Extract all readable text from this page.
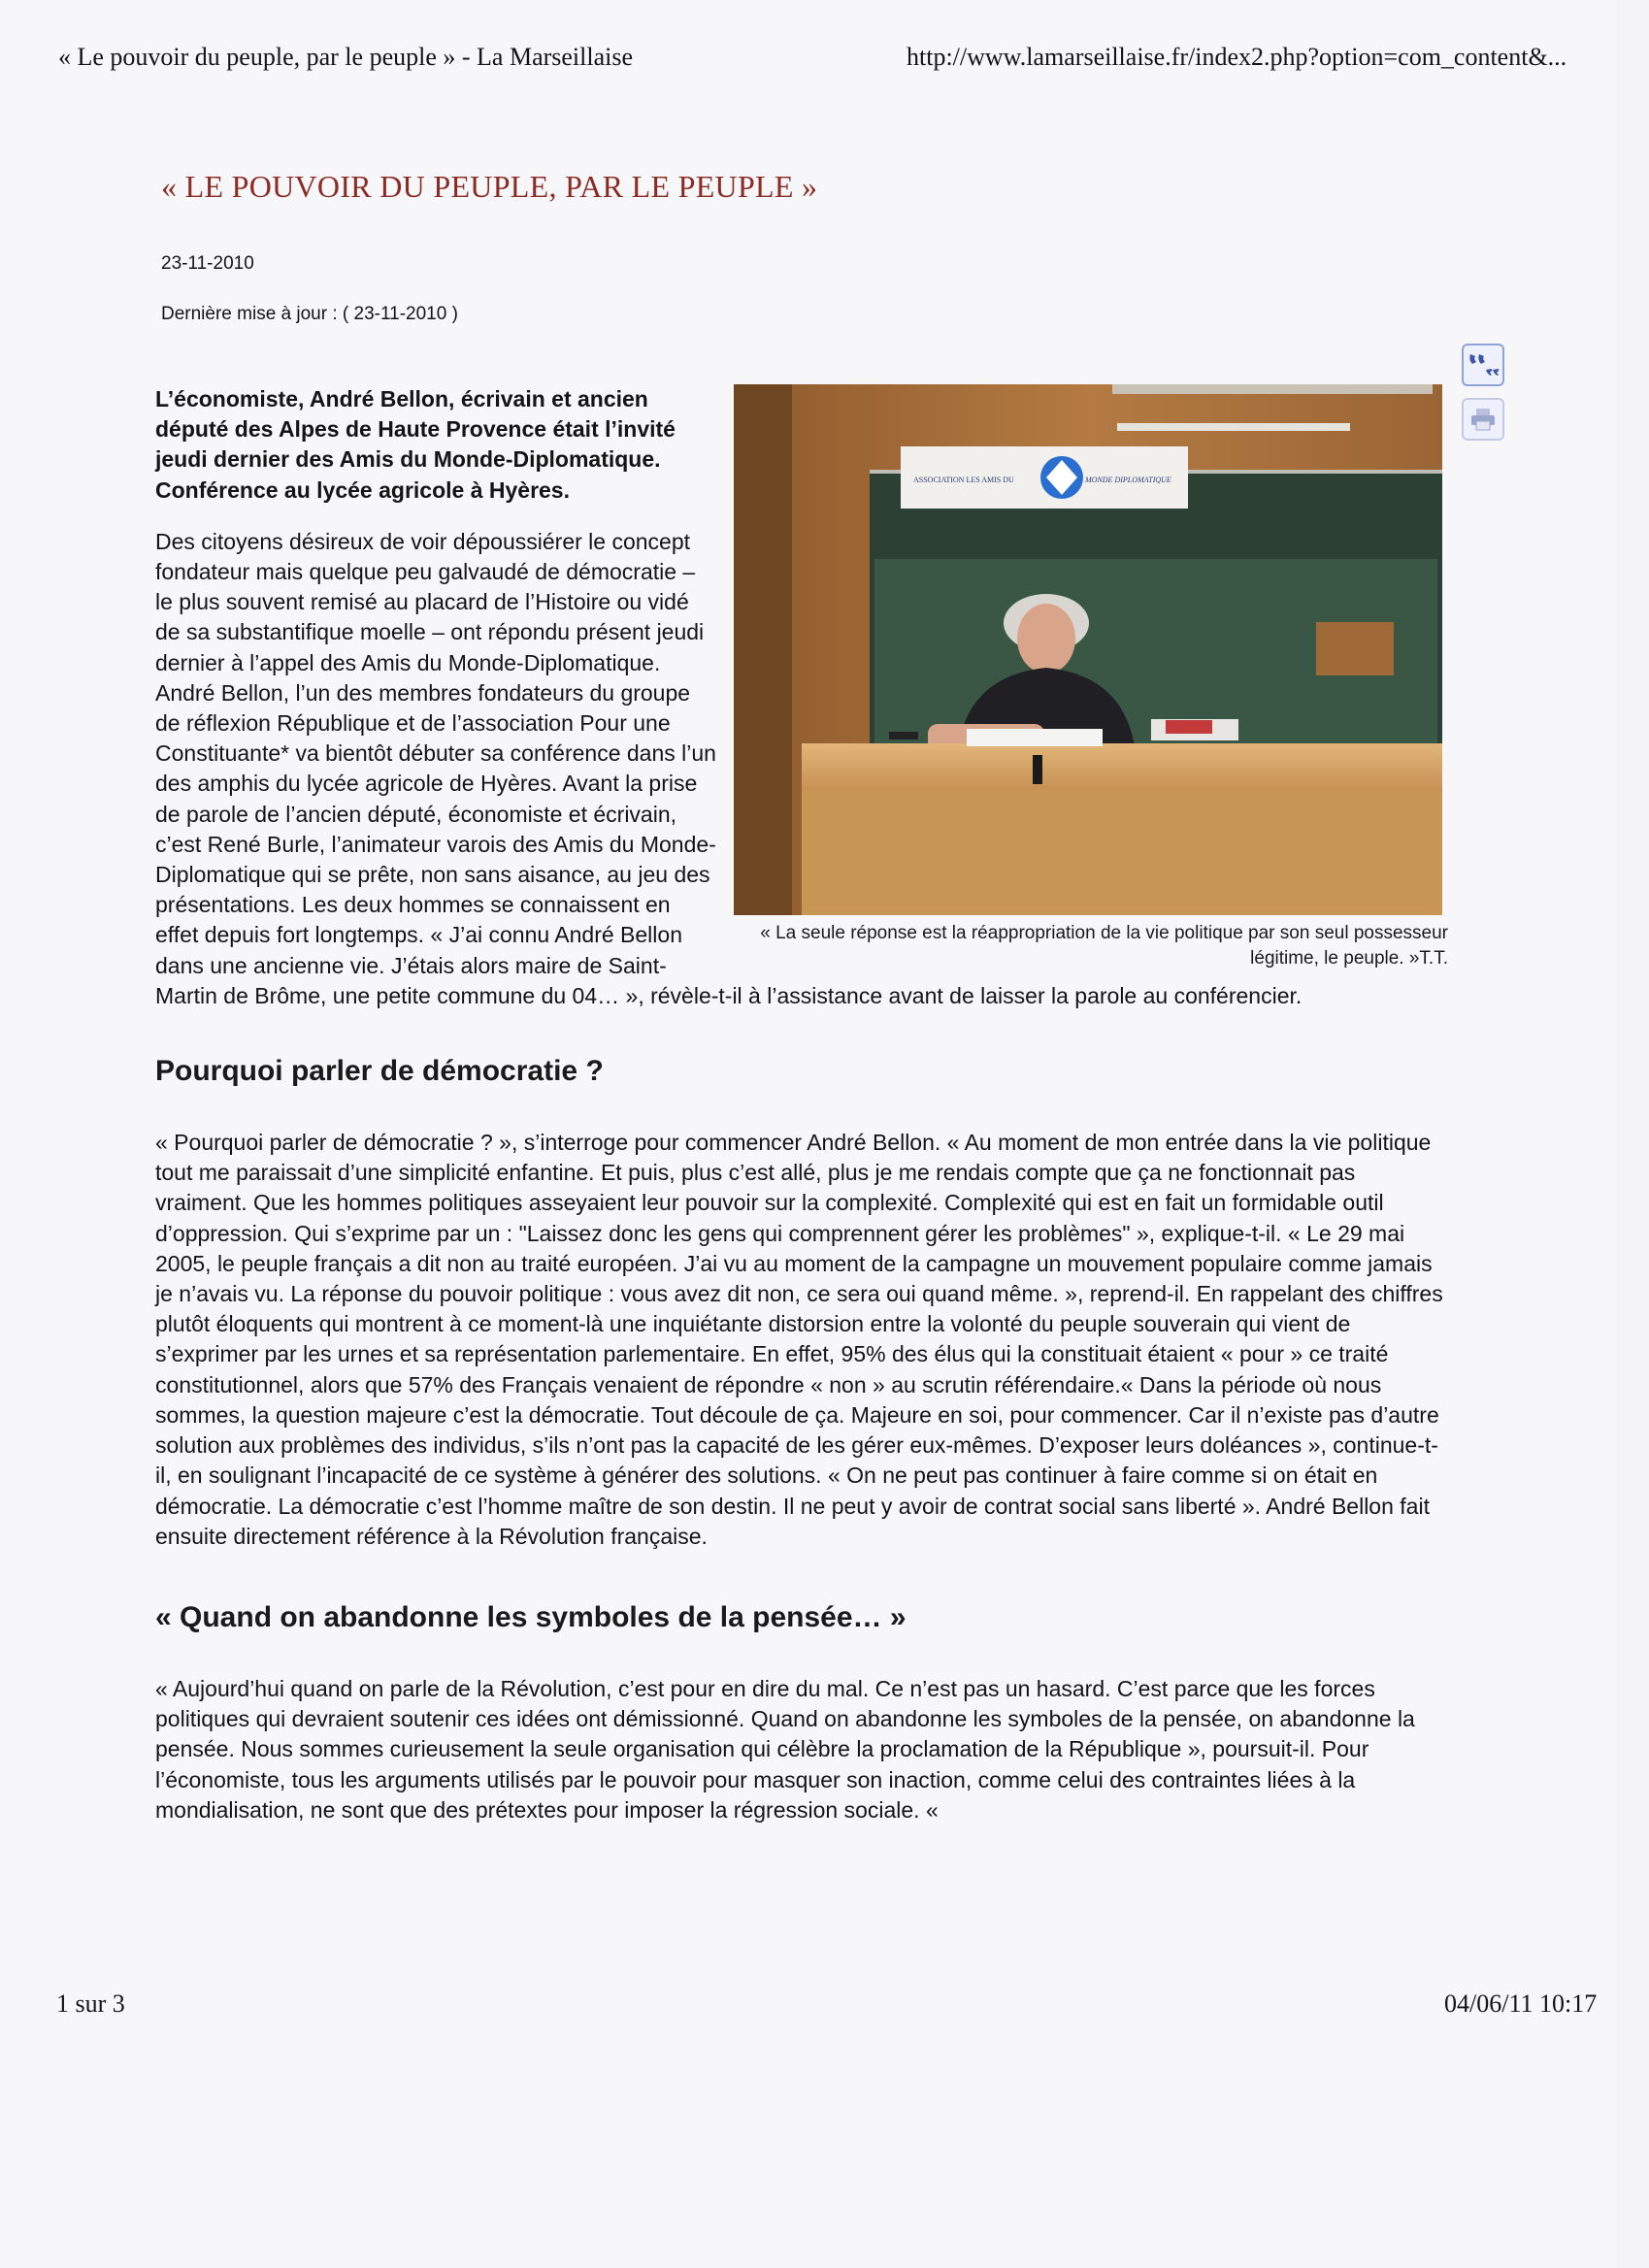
« Le pouvoir du peuple, par le peuple » - La Marseillaise	http://www.lamarseillaise.fr/index2.php?option=com_content&...
« LE POUVOIR DU PEUPLE, PAR LE PEUPLE »
23-11-2010
Dernière mise à jour : ( 23-11-2010 )
ASSOCIATION LES AMIS DU	MONDE DIPLOMATIQUE
« La seule réponse est la réappropriation de la vie politique par son seul possesseur légitime, le peuple. »T.T.

L’économiste, André Bellon, écrivain et ancien député des Alpes de Haute Provence était l’invité jeudi dernier des Amis du Monde-Diplomatique. Conférence au lycée agricole à Hyères.

Des citoyens désireux de voir dépoussiérer le concept fondateur mais quelque peu galvaudé de démocratie – le plus souvent remisé au placard de l’Histoire ou vidé de sa substantifique moelle – ont répondu présent jeudi dernier à l’appel des Amis du Monde-Diplomatique. André Bellon, l’un des membres fondateurs du groupe de réflexion République et de l’association Pour une Constituante* va bientôt débuter sa conférence dans l’un des amphis du lycée agricole de Hyères. Avant la prise de parole de l’ancien député, économiste et écrivain, c’est René Burle, l’animateur varois des Amis du Monde-Diplomatique qui se prête, non sans aisance, au jeu des présentations. Les deux hommes se connaissent en effet depuis fort longtemps. « J’ai connu André Bellon dans une ancienne vie. J’étais alors maire de Saint-Martin de Brôme, une petite commune du 04… », révèle-t-il à l’assistance avant de laisser la parole au conférencier.

Pourquoi parler de démocratie ?

« Pourquoi parler de démocratie ? », s’interroge pour commencer André Bellon. « Au moment de mon entrée dans la vie politique tout me paraissait d’une simplicité enfantine. Et puis, plus c’est allé, plus je me rendais compte que ça ne fonctionnait pas vraiment. Que les hommes politiques asseyaient leur pouvoir sur la complexité. Complexité qui est en fait un formidable outil d’oppression. Qui s’exprime par un : "Laissez donc les gens qui comprennent gérer les problèmes" », explique-t-il. « Le 29 mai 2005, le peuple français a dit non au traité européen. J’ai vu au moment de la campagne un mouvement populaire comme jamais je n’avais vu. La réponse du pouvoir politique : vous avez dit non, ce sera oui quand même. », reprend-il. En rappelant des chiffres plutôt éloquents qui montrent à ce moment-là une inquiétante distorsion entre la volonté du peuple souverain qui vient de s’exprimer par les urnes et sa représentation parlementaire. En effet, 95% des élus qui la constituait étaient « pour » ce traité constitutionnel, alors que 57% des Français venaient de répondre « non » au scrutin référendaire.« Dans la période où nous sommes, la question majeure c’est la démocratie. Tout découle de ça. Majeure en soi, pour commencer. Car il n’existe pas d’autre solution aux problèmes des individus, s’ils n’ont pas la capacité de les gérer eux-mêmes. D’exposer leurs doléances », continue-t-il, en soulignant l’incapacité de ce système à générer des solutions. « On ne peut pas continuer à faire comme si on était en démocratie. La démocratie c’est l’homme maître de son destin. Il ne peut y avoir de contrat social sans liberté ». André Bellon fait ensuite directement référence à la Révolution française.

« Quand on abandonne les symboles de la pensée… »

« Aujourd’hui quand on parle de la Révolution, c’est pour en dire du mal. Ce n’est pas un hasard. C’est parce que les forces politiques qui devraient soutenir ces idées ont démissionné. Quand on abandonne les symboles de la pensée, on abandonne la pensée. Nous sommes curieusement la seule organisation qui célèbre la proclamation de la République », poursuit-il. Pour l’économiste, tous les arguments utilisés par le pouvoir pour masquer son inaction, comme celui des contraintes liées à la mondialisation, ne sont que des prétextes pour imposer la régression sociale. «

1 sur 3	04/06/11 10:17
